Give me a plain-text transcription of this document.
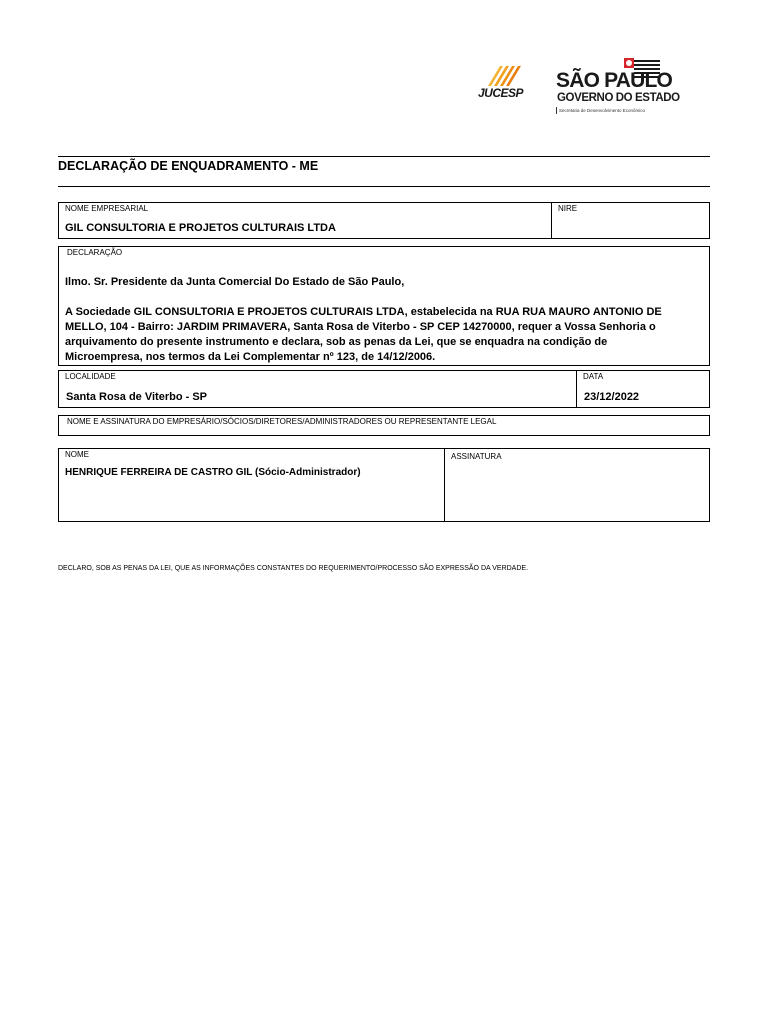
JUCESP
SÃO PAULO
GOVERNO DO ESTADO
Secretaria de Desenvolvimento Econômico
DECLARAÇÃO DE ENQUADRAMENTO - ME
NOME EMPRESARIAL
GIL CONSULTORIA E PROJETOS CULTURAIS LTDA
NIRE
DECLARAÇÃO
Ilmo. Sr. Presidente da Junta Comercial Do Estado de São Paulo,
A Sociedade GIL CONSULTORIA E PROJETOS CULTURAIS LTDA, estabelecida na RUA RUA MAURO ANTONIO DE MELLO, 104 - Bairro: JARDIM PRIMAVERA, Santa Rosa de Viterbo - SP CEP 14270000, requer a Vossa Senhoria o arquivamento do presente instrumento e declara, sob as penas da Lei, que se enquadra na condição de Microempresa, nos termos da Lei Complementar nº 123, de 14/12/2006.
LOCALIDADE
Santa Rosa de Viterbo - SP
DATA
23/12/2022
NOME E ASSINATURA DO EMPRESÁRIO/SÓCIOS/DIRETORES/ADMINISTRADORES OU REPRESENTANTE LEGAL
NOME
HENRIQUE FERREIRA DE CASTRO GIL (Sócio-Administrador)
ASSINATURA
DECLARO, SOB AS PENAS DA LEI, QUE AS INFORMAÇÕES CONSTANTES DO REQUERIMENTO/PROCESSO SÃO EXPRESSÃO DA VERDADE.
